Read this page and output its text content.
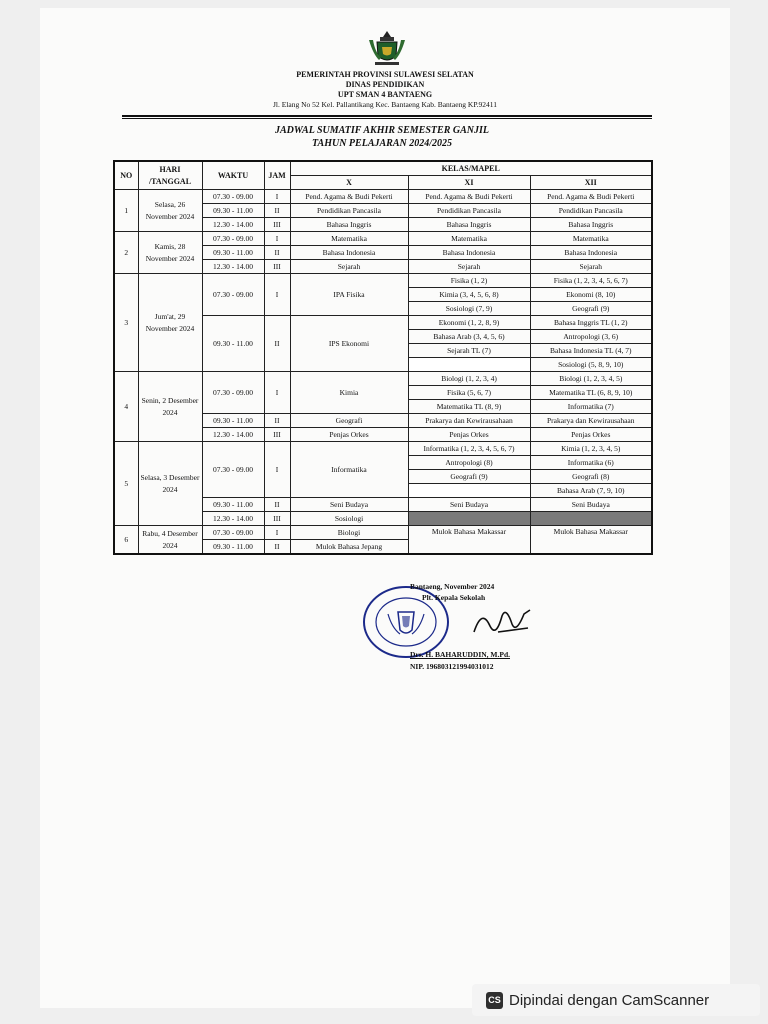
PEMERINTAH PROVINSI SULAWESI SELATAN
DINAS PENDIDIKAN
UPT SMAN 4 BANTAENG
Jl. Elang No 52 Kel. Pallantikang Kec. Bantaeng Kab. Bantaeng KP.92411
JADWAL SUMATIF AKHIR SEMESTER GANJIL
TAHUN PELAJARAN 2024/2025
NO	HARI /TANGGAL	WAKTU	JAM	KELAS/MAPEL		
				X	XI	XII
1	Selasa, 26 November 2024	07.30 - 09.00	I	Pend. Agama & Budi Pekerti	Pend. Agama & Budi Pekerti	Pend. Agama & Budi Pekerti
		09.30 - 11.00	II	Pendidikan Pancasila	Pendidikan Pancasila	Pendidikan Pancasila
		12.30 - 14.00	III	Bahasa Inggris	Bahasa Inggris	Bahasa Inggris
2	Kamis, 28 November 2024	07.30 - 09.00	I	Matematika	Matematika	Matematika
		09.30 - 11.00	II	Bahasa Indonesia	Bahasa Indonesia	Bahasa Indonesia
		12.30 - 14.00	III	Sejarah	Sejarah	Sejarah
3	Jum'at, 29 November 2024	07.30 - 09.00	I	IPA Fisika	Fisika (1, 2)	Fisika (1, 2, 3, 4, 5, 6, 7)
					Kimia (3, 4, 5, 6, 8)	Ekonomi (8, 10)
					Sosiologi (7, 9)	Geografi (9)
		09.30 - 11.00	II	IPS Ekonomi	Ekonomi (1, 2, 8, 9)	Bahasa Inggris TL (1, 2)
					Bahasa Arab (3, 4, 5, 6)	Antropologi (3, 6)
					Sejarah TL (7)	Bahasa Indonesia TL (4, 7)
						Sosiologi (5, 8, 9, 10)
4	Senin, 2 Desember 2024	07.30 - 09.00	I	Kimia	Biologi (1, 2, 3, 4)	Biologi (1, 2, 3, 4, 5)
					Fisika (5, 6, 7)	Matematika TL (6, 8, 9, 10)
					Matematika TL (8, 9)	Informatika (7)
		09.30 - 11.00	II	Geografi	Prakarya dan Kewirausahaan	Prakarya dan Kewirausahaan
		12.30 - 14.00	III	Penjas Orkes	Penjas Orkes	Penjas Orkes
5	Selasa, 3 Desember 2024	07.30 - 09.00	I	Informatika	Informatika (1, 2, 3, 4, 5, 6, 7)	Kimia (1, 2, 3, 4, 5)
					Antropologi (8)	Informatika (6)
					Geografi (9)	Geografi (8)
						Bahasa Arab (7, 9, 10)
		09.30 - 11.00	II	Seni Budaya	Seni Budaya	Seni Budaya
		12.30 - 14.00	III	Sosiologi		
6	Rabu, 4 Desember 2024	07.30 - 09.00	I	Biologi	Mulok Bahasa Makassar	Mulok Bahasa Makassar
		09.30 - 11.00	II	Mulok Bahasa Jepang		
Bantaeng, November 2024
Plt. Kepala Sekolah
Drs. H. BAHARUDDIN, M.Pd.
NIP. 196803121994031012
CS Dipindai dengan CamScanner
